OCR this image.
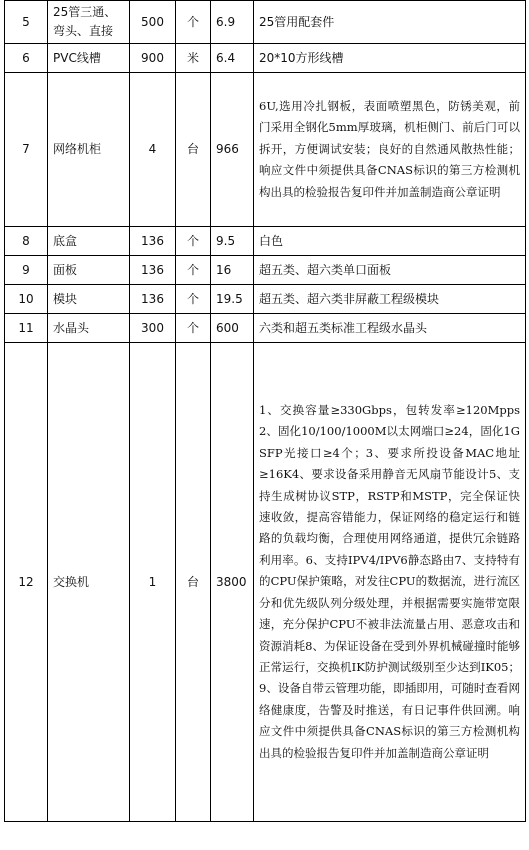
5	25管三通、弯头、直接	500	个	6.9	25管用配套件
6	PVC线槽	900	米	6.4	20*10方形线槽
7	网络机柜	4	台	966	6U,选用冷扎钢板，表面喷塑黑色，防锈美观，前门采用全钢化5mm厚玻璃，机柜侧门、前后门可以拆开，方便调试安装；良好的自然通风散热性能；响应文件中须提供具备CNAS标识的第三方检测机构出具的检验报告复印件并加盖制造商公章证明
8	底盒	136	个	9.5	白色
9	面板	136	个	16	超五类、超六类单口面板
10	模块	136	个	19.5	超五类、超六类非屏蔽工程级模块
11	水晶头	300	个	600	六类和超五类标准工程级水晶头
12	交换机	1	台	3800	1、交换容量≥330Gbps，包转发率≥120Mpps 2、固化10/100/1000M以太网端口≥24，固化1G SFP光接口≥4个；3、要求所投设备MAC地址≥16K4、要求设备采用静音无风扇节能设计5、支持生成树协议STP，RSTP和MSTP，完全保证快速收敛，提高容错能力，保证网络的稳定运行和链路的负载均衡，合理使用网络通道，提供冗余链路利用率。6、支持IPV4/IPV6静态路由7、支持特有的CPU保护策略，对发往CPU的数据流，进行流区分和优先级队列分级处理，并根据需要实施带宽限速，充分保护CPU不被非法流量占用、恶意攻击和资源消耗8、为保证设备在受到外界机械碰撞时能够正常运行，交换机IK防护测试级别至少达到IK05；9、设备自带云管理功能，即插即用，可随时查看网络健康度，告警及时推送，有日记事件供回溯。响应文件中须提供具备CNAS标识的第三方检测机构出具的检验报告复印件并加盖制造商公章证明
